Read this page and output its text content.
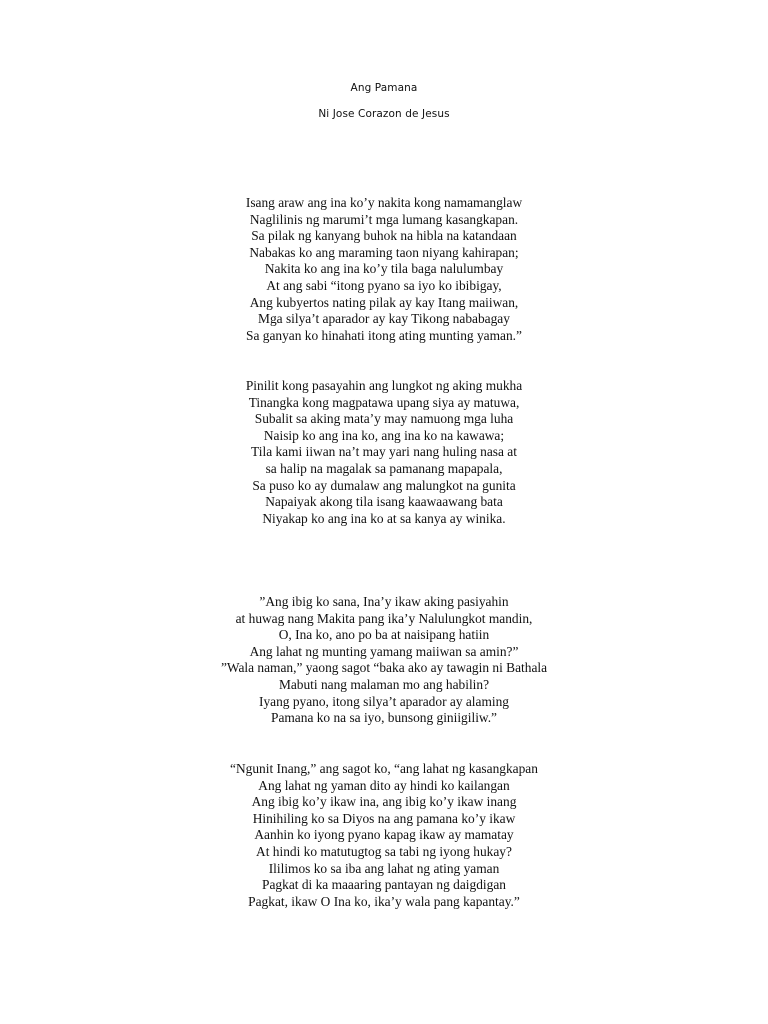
Ang Pamana
Ni Jose Corazon de Jesus
Isang araw ang ina ko’y nakita kong namamanglaw
Naglilinis ng marumi’t mga lumang kasangkapan.
Sa pilak ng kanyang buhok na hibla na katandaan
Nabakas ko ang maraming taon niyang kahirapan;
Nakita ko ang ina ko’y tila baga nalulumbay
At ang sabi “itong pyano sa iyo ko ibibigay,
Ang kubyertos nating pilak ay kay Itang maiiwan,
Mga silya’t aparador ay kay Tikong nababagay
Sa ganyan ko hinahati itong ating munting yaman.”
Pinilit kong pasayahin ang lungkot ng aking mukha
Tinangka kong magpatawa upang siya ay matuwa,
Subalit sa aking mata’y may namuong mga luha
Naisip ko ang ina ko, ang ina ko na kawawa;
Tila kami iiwan na’t may yari nang huling nasa at
sa halip na magalak sa pamanang mapapala,
Sa puso ko ay dumalaw ang malungkot na gunita
Napaiyak akong tila isang kaawaawang bata
Niyakap ko ang ina ko at sa kanya ay winika.
”Ang ibig ko sana, Ina’y ikaw aking pasiyahin
at huwag nang Makita pang ika’y Nalulungkot mandin,
O, Ina ko, ano po ba at naisipang hatiin
Ang lahat ng munting yamang maiiwan sa amin?”
”Wala naman,” yaong sagot “baka ako ay tawagin ni Bathala
Mabuti nang malaman mo ang habilin?
Iyang pyano, itong silya’t aparador ay alaming
Pamana ko na sa iyo, bunsong giniigiliw.”
“Ngunit Inang,” ang sagot ko, “ang lahat ng kasangkapan
Ang lahat ng yaman dito ay hindi ko kailangan
Ang ibig ko’y ikaw ina, ang ibig ko’y ikaw inang
Hinihiling ko sa Diyos na ang pamana ko’y ikaw
Aanhin ko iyong pyano kapag ikaw ay mamatay
At hindi ko matutugtog sa tabi ng iyong hukay?
Ililimos ko sa iba ang lahat ng ating yaman
Pagkat di ka maaaring pantayan ng daigdigan
Pagkat, ikaw O Ina ko, ika’y wala pang kapantay.”
